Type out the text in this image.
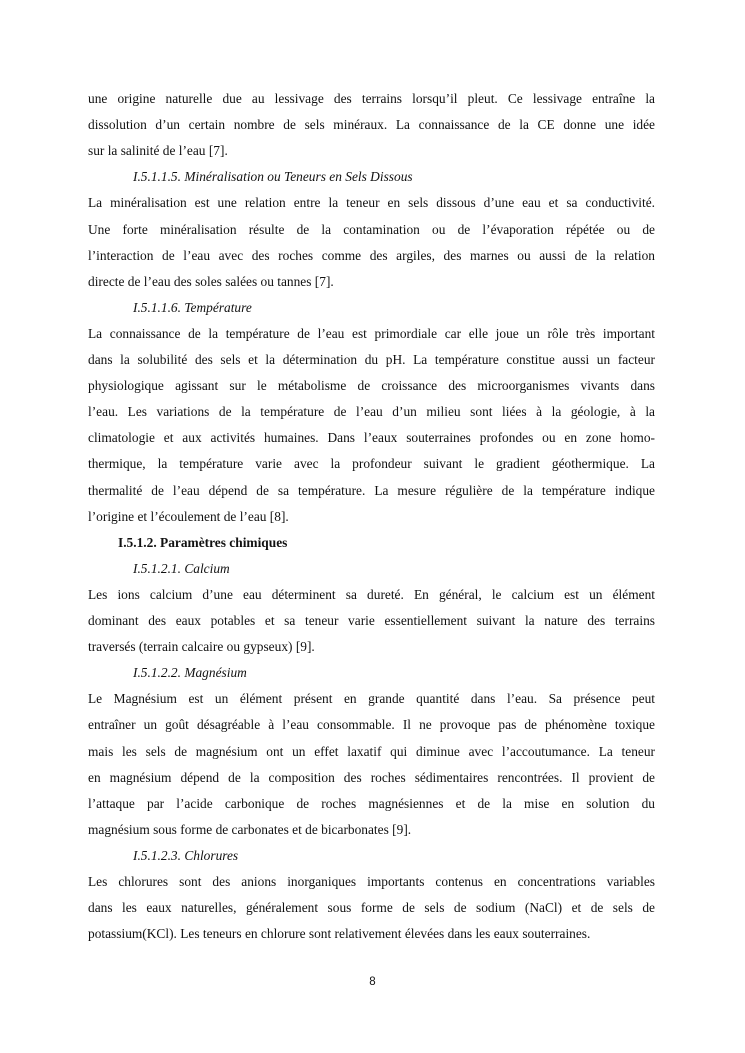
une origine naturelle due au lessivage des terrains lorsqu’il pleut. Ce lessivage entraîne la
dissolution d’un certain nombre de sels minéraux. La connaissance de la CE donne une idée
sur la salinité de l’eau [7].
I.5.1.1.5. Minéralisation ou Teneurs en Sels Dissous
La minéralisation est une relation entre la teneur en sels dissous d’une eau et sa conductivité.
Une forte minéralisation résulte de la contamination ou de l’évaporation répétée ou de
l’interaction de l’eau avec des roches comme des argiles, des marnes ou aussi de la relation
directe de l’eau des soles salées ou tannes [7].
I.5.1.1.6. Température
La connaissance de la température de l’eau est primordiale car elle joue un rôle très important
dans la solubilité des sels et la détermination du pH. La température constitue aussi un facteur
physiologique agissant sur le métabolisme de croissance des microorganismes vivants dans
l’eau. Les variations de la température de l’eau d’un milieu sont liées à la géologie, à la
climatologie et aux activités humaines. Dans l’eaux souterraines profondes ou en zone homo-
thermique, la température varie avec la profondeur suivant le gradient géothermique. La
thermalité de l’eau dépend de sa température. La mesure régulière de la température indique
l’origine et l’écoulement de l’eau [8].
I.5.1.2. Paramètres chimiques
I.5.1.2.1. Calcium
Les ions calcium d’une eau déterminent sa dureté. En général, le calcium est un élément
dominant des eaux potables et sa teneur varie essentiellement suivant la nature des terrains
traversés (terrain calcaire ou gypseux) [9].
I.5.1.2.2. Magnésium
Le Magnésium est un élément présent en grande quantité dans l’eau. Sa présence peut
entraîner un goût désagréable à l’eau consommable. Il ne provoque pas de phénomène toxique
mais les sels de magnésium ont un effet laxatif qui diminue avec l’accoutumance. La teneur
en magnésium dépend de la composition des roches sédimentaires rencontrées. Il provient de
l’attaque par l’acide carbonique de roches magnésiennes et de la mise en solution du
magnésium sous forme de carbonates et de bicarbonates [9].
I.5.1.2.3. Chlorures
Les chlorures sont des anions inorganiques importants contenus en concentrations variables
dans les eaux naturelles, généralement sous forme de sels de sodium (NaCl) et de sels de
potassium(KCl). Les teneurs en chlorure sont relativement élevées dans les eaux souterraines.
8
